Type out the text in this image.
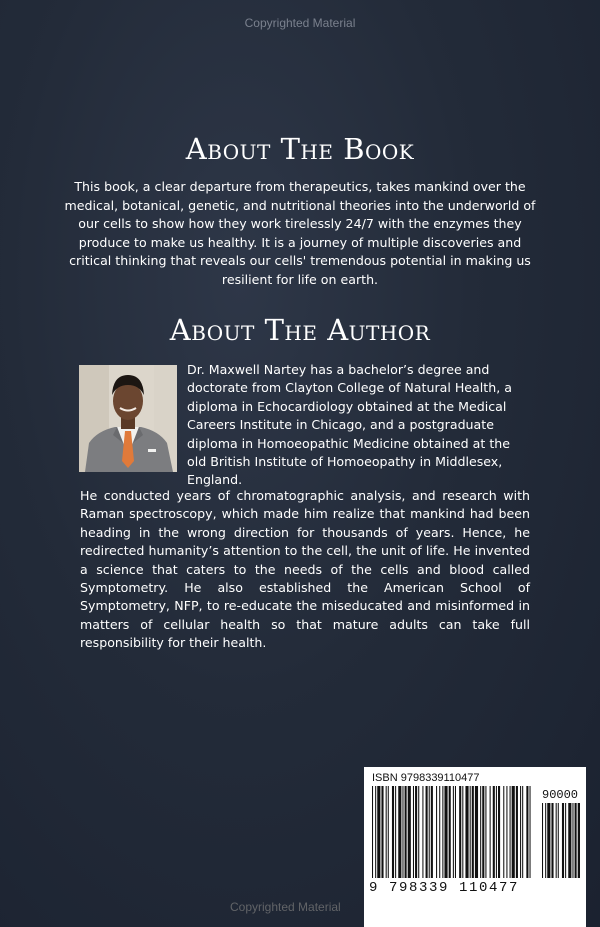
Copyrighted Material
About The Book
This book, a clear departure from therapeutics, takes mankind over the medical, botanical, genetic, and nutritional theories into the underworld of our cells to show how they work tirelessly 24/7 with the enzymes they produce to make us healthy. It is a journey of multiple discoveries and critical thinking that reveals our cells' tremendous potential in making us resilient for life on earth.
About The Author
Dr. Maxwell Nartey has a bachelor’s degree and doctorate from Clayton College of Natural Health, a diploma in Echocardiology obtained at the Medical Careers Institute in Chicago, and a postgraduate diploma in Homoeopathic Medicine obtained at the old British Institute of Homoeopathy in Middlesex, England.
He conducted years of chromatographic analysis, and research with Raman spectroscopy, which made him realize that mankind had been heading in the wrong direction for thousands of years. Hence, he redirected humanity’s attention to the cell, the unit of life. He invented a science that caters to the needs of the cells and blood called Symptometry. He also established the American School of Symptometry, NFP, to re-educate the miseducated and misinformed in matters of cellular health so that mature adults can take full responsibility for their health.
ISBN 9798339110477
90000
9 798339 110477
Copyrighted Material
